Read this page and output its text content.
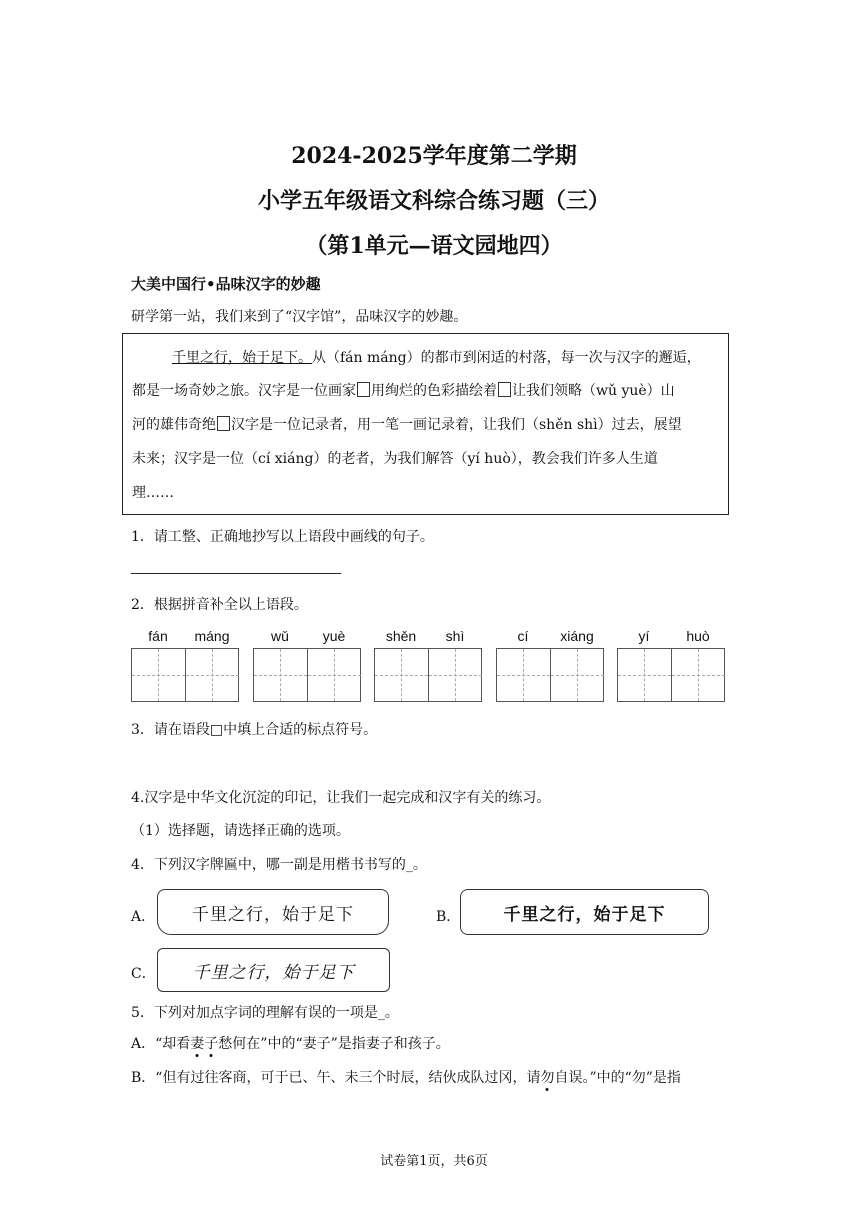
2024-2025学年度第二学期
小学五年级语文科综合练习题（三）
（第1单元—语文园地四）
大美中国行•品味汉字的妙趣
研学第一站，我们来到了“汉字馆”，品味汉字的妙趣。

千里之行，始于足下。从（fán máng）的都市到闲适的村落，每一次与汉字的邂逅，

都是一场奇妙之旅。汉字是一位画家 用绚烂的色彩描绘着 让我们领略（wǔ yuè）山

河的雄伟奇绝 汉字是一位记录者，用一笔一画记录着，让我们（shěn shì）过去，展望

未来；汉字是一位（cí xiáng）的老者，为我们解答（yí huò），教会我们许多人生道

理……

1．请工整、正确地抄写以上语段中画线的句子。
2．根据拼音补全以上语段。
fán	máng	wǔ	yuè	shěn	shì	cí	xiáng	yí	huò
3．请在语段□中填上合适的标点符号。
4.汉字是中华文化沉淀的印记，让我们一起完成和汉字有关的练习。
（1）选择题，请选择正确的选项。
4．下列汉字牌匾中，哪一副是用楷书书写的_。
A．	千里之行，始于足下	B．	千里之行，始于足下
C．	千里之行，始于足下
5．下列对加点字词的理解有误的一项是_。
A．“却看妻
子
愁何在”中的“妻子”是指妻子和孩子。
B．“但有过往客商，可于已、午、未三个时辰，结伙成队过冈，请勿
自误。”中的“勿”是指
试卷第1页，共6页
